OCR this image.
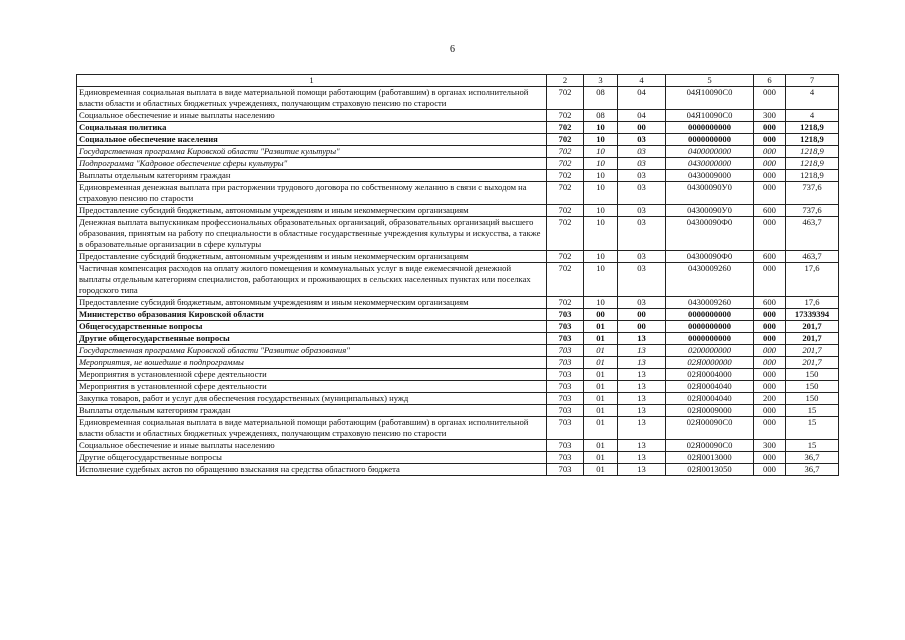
6
1	2	3	4	5	6	7
Единовременная социальная выплата в виде материальной помощи работающим (работавшим) в органах исполнительной власти области и областных бюджетных учреждениях, получающим страховую пенсию по старости	702	08	04	04Я10090С0	000	4
Социальное обеспечение и иные выплаты населению	702	08	04	04Я10090С0	300	4
Социальная политика	702	10	00	0000000000	000	1218,9
Социальное обеспечение населения	702	10	03	0000000000	000	1218,9
Государственная программа Кировской области "Развитие культуры"	702	10	03	0400000000	000	1218,9
Подпрограмма "Кадровое обеспечение сферы культуры"	702	10	03	0430000000	000	1218,9
Выплаты отдельным категориям граждан	702	10	03	0430009000	000	1218,9
Единовременная денежная выплата при расторжении трудового договора по собственному желанию в связи с выходом на страховую пенсию по старости	702	10	03	04300090У0	000	737,6
Предоставление субсидий бюджетным, автономным учреждениям и иным некоммерческим организациям	702	10	03	04300090У0	600	737,6
Денежная выплата выпускникам профессиональных образовательных организаций, образовательных организаций высшего образования, принятым на работу по специальности в областные государственные учреждения культуры и искусства, а также в образовательные организации в сфере культуры	702	10	03	04300090Ф0	000	463,7
Предоставление субсидий бюджетным, автономным учреждениям и иным некоммерческим организациям	702	10	03	04300090Ф0	600	463,7
Частичная компенсация расходов на оплату жилого помещения и коммунальных услуг в виде ежемесячной денежной выплаты отдельным категориям специалистов, работающих и проживающих в сельских населенных пунктах или поселках городского типа	702	10	03	0430009260	000	17,6
Предоставление субсидий бюджетным, автономным учреждениям и иным некоммерческим организациям	702	10	03	0430009260	600	17,6
Министерство образования Кировской области	703	00	00	0000000000	000	17339394
Общегосударственные вопросы	703	01	00	0000000000	000	201,7
Другие общегосударственные вопросы	703	01	13	0000000000	000	201,7
Государственная программа Кировской области "Развитие образования"	703	01	13	0200000000	000	201,7
Мероприятия, не вошедшие в подпрограммы	703	01	13	02Я0000000	000	201,7
Мероприятия в установленной сфере деятельности	703	01	13	02Я0004000	000	150
Мероприятия в установленной сфере деятельности	703	01	13	02Я0004040	000	150
Закупка товаров, работ и услуг для обеспечения государственных (муниципальных) нужд	703	01	13	02Я0004040	200	150
Выплаты отдельным категориям граждан	703	01	13	02Я0009000	000	15
Единовременная социальная выплата в виде материальной помощи работающим (работавшим) в органах исполнительной власти области и областных бюджетных учреждениях, получающим страховую пенсию по старости	703	01	13	02Я00090С0	000	15
Социальное обеспечение и иные выплаты населению	703	01	13	02Я00090С0	300	15
Другие общегосударственные вопросы	703	01	13	02Я0013000	000	36,7
Исполнение судебных актов по обращению взыскания на средства областного бюджета	703	01	13	02Я0013050	000	36,7
